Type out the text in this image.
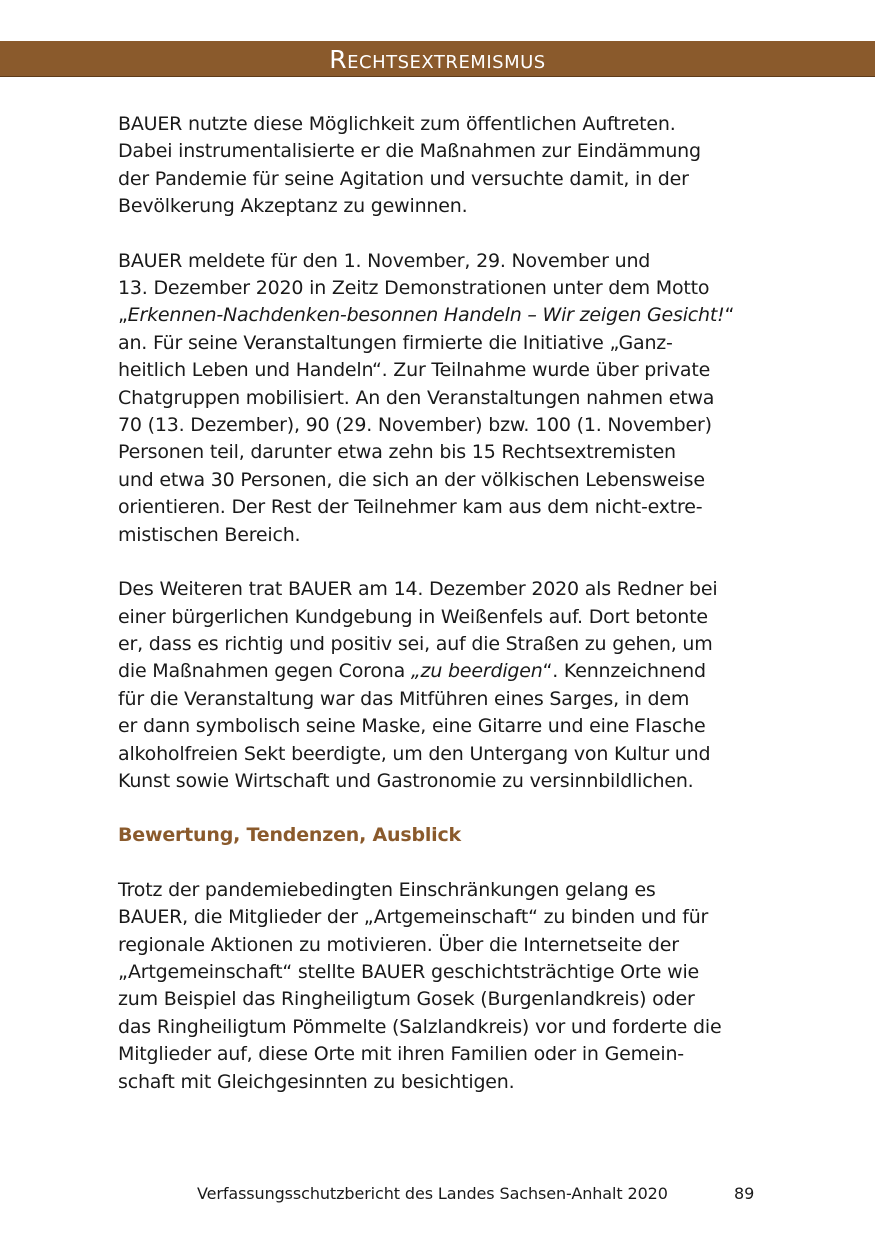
Rechtsextremismus

BAUER nutzte diese Möglichkeit zum öffentlichen Auftreten.
Dabei instrumentalisierte er die Maßnahmen zur Eindämmung
der Pandemie für seine Agitation und versuchte damit, in der
Bevölkerung Akzeptanz zu gewinnen.

BAUER meldete für den 1. November, 29. November und
13. Dezember 2020 in Zeitz Demonstrationen unter dem Motto
„Erkennen-Nachdenken-besonnen Handeln – Wir zeigen Gesicht!“
an. Für seine Veranstaltungen firmierte die Initiative „Ganz-
heitlich Leben und Handeln“. Zur Teilnahme wurde über private
Chatgruppen mobilisiert. An den Veranstaltungen nahmen etwa
70 (13. Dezember), 90 (29. November) bzw. 100 (1. November)
Personen teil, darunter etwa zehn bis 15 Rechtsextremisten
und etwa 30 Personen, die sich an der völkischen Lebensweise
orientieren. Der Rest der Teilnehmer kam aus dem nicht-extre-
mistischen Bereich.

Des Weiteren trat BAUER am 14. Dezember 2020 als Redner bei
einer bürgerlichen Kundgebung in Weißenfels auf. Dort betonte
er, dass es richtig und positiv sei, auf die Straßen zu gehen, um
die Maßnahmen gegen Corona „zu beerdigen“. Kennzeichnend
für die Veranstaltung war das Mitführen eines Sarges, in dem
er dann symbolisch seine Maske, eine Gitarre und eine Flasche
alkoholfreien Sekt beerdigte, um den Untergang von Kultur und
Kunst sowie Wirtschaft und Gastronomie zu versinnbildlichen.

Bewertung, Tendenzen, Ausblick

Trotz der pandemiebedingten Einschränkungen gelang es
BAUER, die Mitglieder der „Artgemeinschaft“ zu binden und für
regionale Aktionen zu motivieren. Über die Internetseite der
„Artgemeinschaft“ stellte BAUER geschichtsträchtige Orte wie
zum Beispiel das Ringheiligtum Gosek (Burgenlandkreis) oder
das Ringheiligtum Pömmelte (Salzlandkreis) vor und forderte die
Mitglieder auf, diese Orte mit ihren Familien oder in Gemein-
schaft mit Gleichgesinnten zu besichtigen.

Verfassungsschutzbericht des Landes Sachsen-Anhalt 2020	89
